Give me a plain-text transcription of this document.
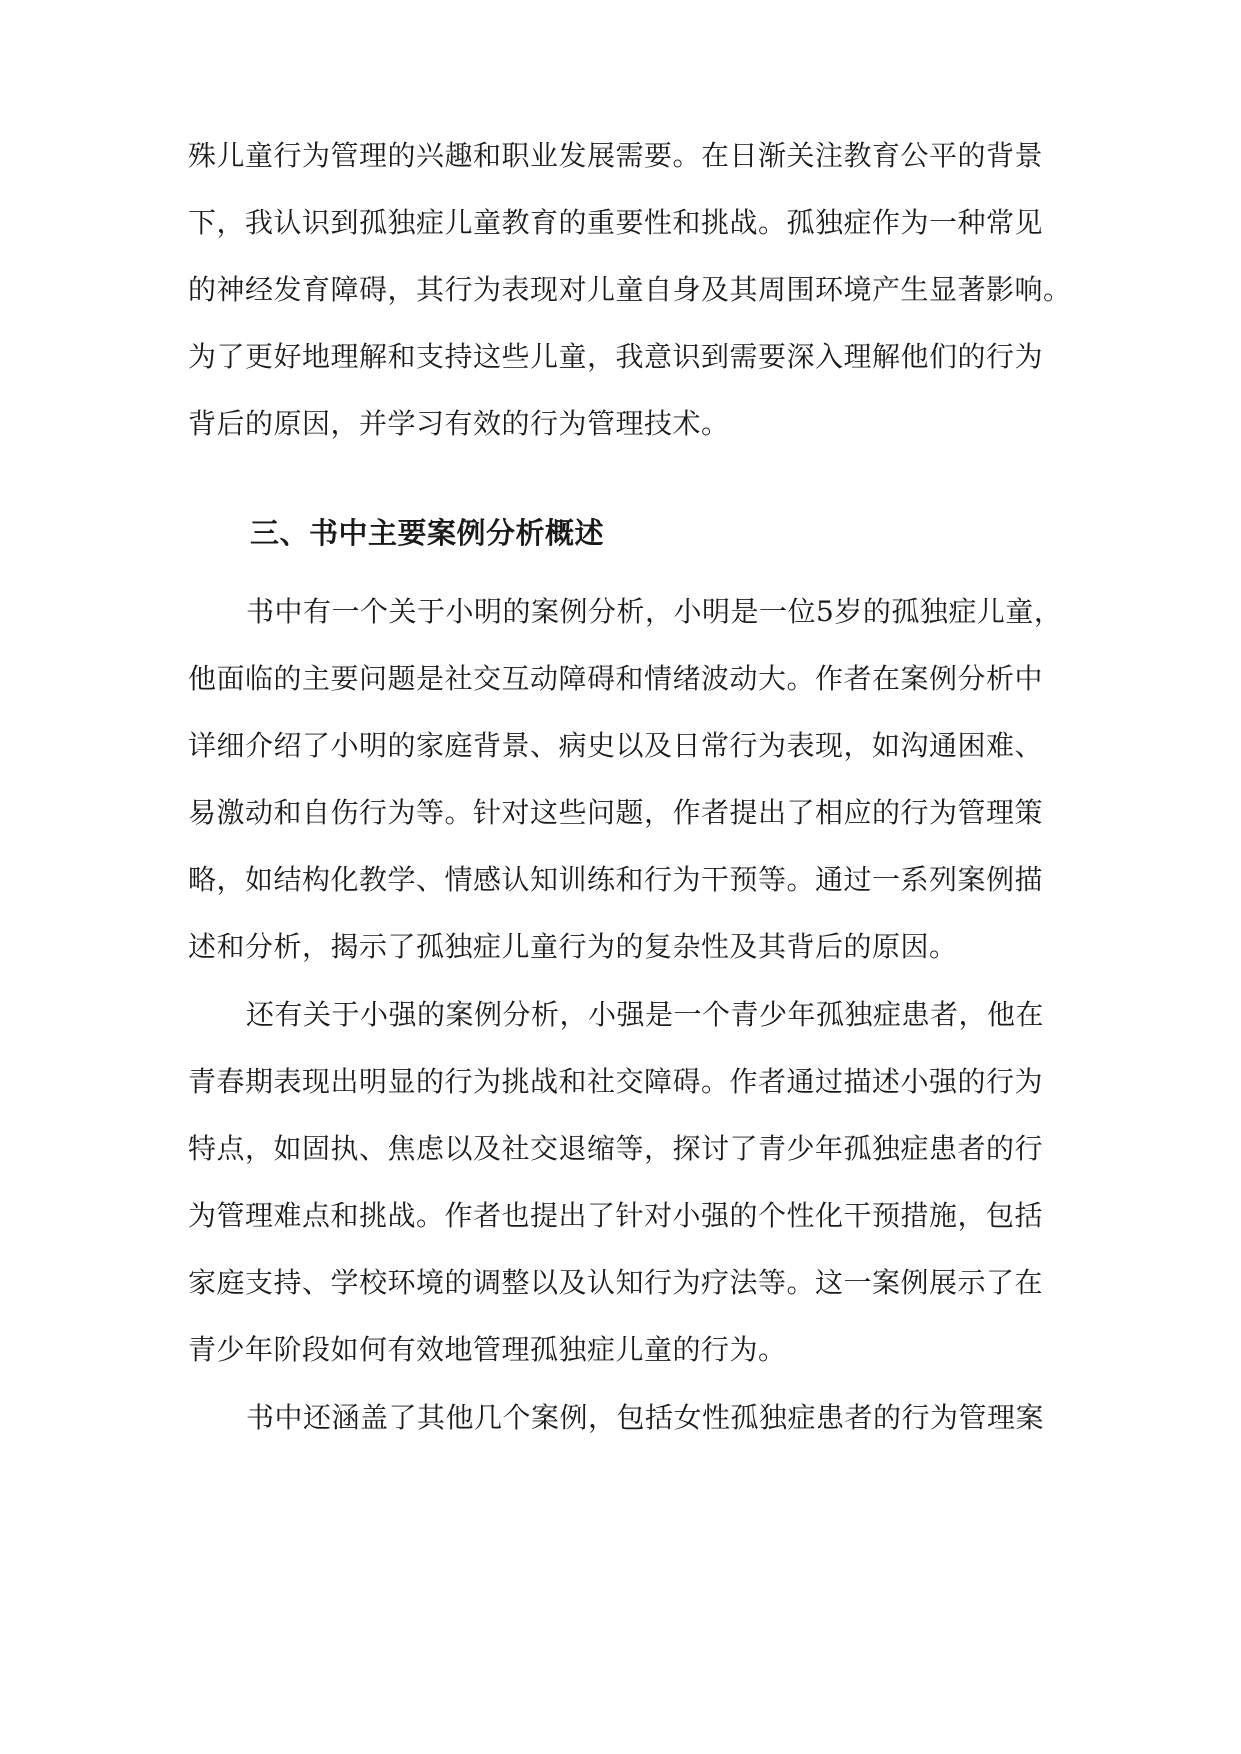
殊儿童行为管理的兴趣和职业发展需要。在日渐关注教育公平的背景
下，我认识到孤独症儿童教育的重要性和挑战。孤独症作为一种常见
的神经发育障碍，其行为表现对儿童自身及其周围环境产生显著影响。
为了更好地理解和支持这些儿童，我意识到需要深入理解他们的行为
背后的原因，并学习有效的行为管理技术。
三、书中主要案例分析概述
书中有一个关于小明的案例分析，小明是一位5岁的孤独症儿童，
他面临的主要问题是社交互动障碍和情绪波动大。作者在案例分析中
详细介绍了小明的家庭背景、病史以及日常行为表现，如沟通困难、
易激动和自伤行为等。针对这些问题，作者提出了相应的行为管理策
略，如结构化教学、情感认知训练和行为干预等。通过一系列案例描
述和分析，揭示了孤独症儿童行为的复杂性及其背后的原因。
还有关于小强的案例分析，小强是一个青少年孤独症患者，他在
青春期表现出明显的行为挑战和社交障碍。作者通过描述小强的行为
特点，如固执、焦虑以及社交退缩等，探讨了青少年孤独症患者的行
为管理难点和挑战。作者也提出了针对小强的个性化干预措施，包括
家庭支持、学校环境的调整以及认知行为疗法等。这一案例展示了在
青少年阶段如何有效地管理孤独症儿童的行为。
书中还涵盖了其他几个案例，包括女性孤独症患者的行为管理案
